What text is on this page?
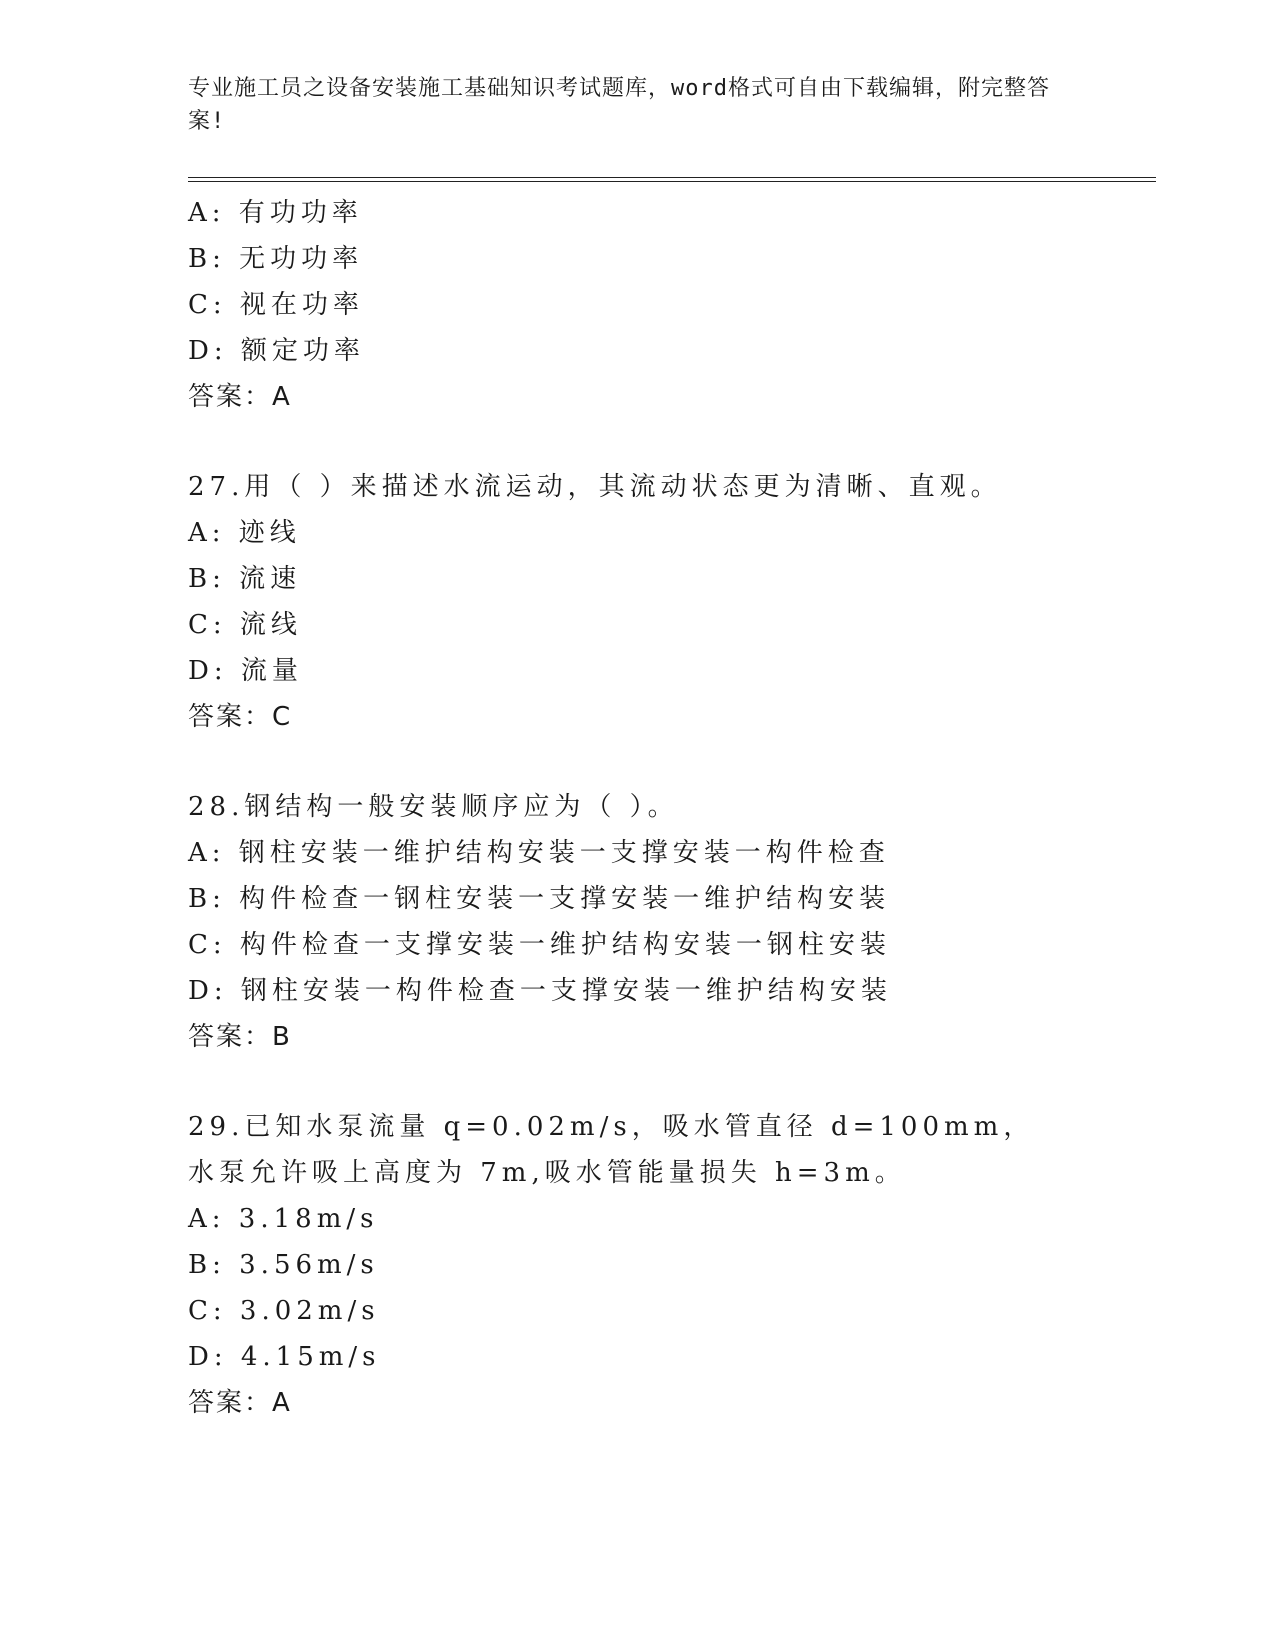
专业施工员之设备安装施工基础知识考试题库，word格式可自由下载编辑，附完整答案!
A: 有功功率
B: 无功功率
C: 视在功率
D: 额定功率
答案：A
27.用（ ）来描述水流运动，其流动状态更为清晰、直观。
A: 迹线
B: 流速
C: 流线
D: 流量
答案：C
28.钢结构一般安装顺序应为（ ）。
A: 钢柱安装一维护结构安装一支撑安装一构件检查
B: 构件检查一钢柱安装一支撑安装一维护结构安装
C: 构件检查一支撑安装一维护结构安装一钢柱安装
D: 钢柱安装一构件检查一支撑安装一维护结构安装
答案：B
29.已知水泵流量 q=0.02m/s，吸水管直径 d=100mm，水泵允许吸上高度为 7m,吸水管能量损失 h=3m。
A: 3.18m/s
B: 3.56m/s
C: 3.02m/s
D: 4.15m/s
答案：A
